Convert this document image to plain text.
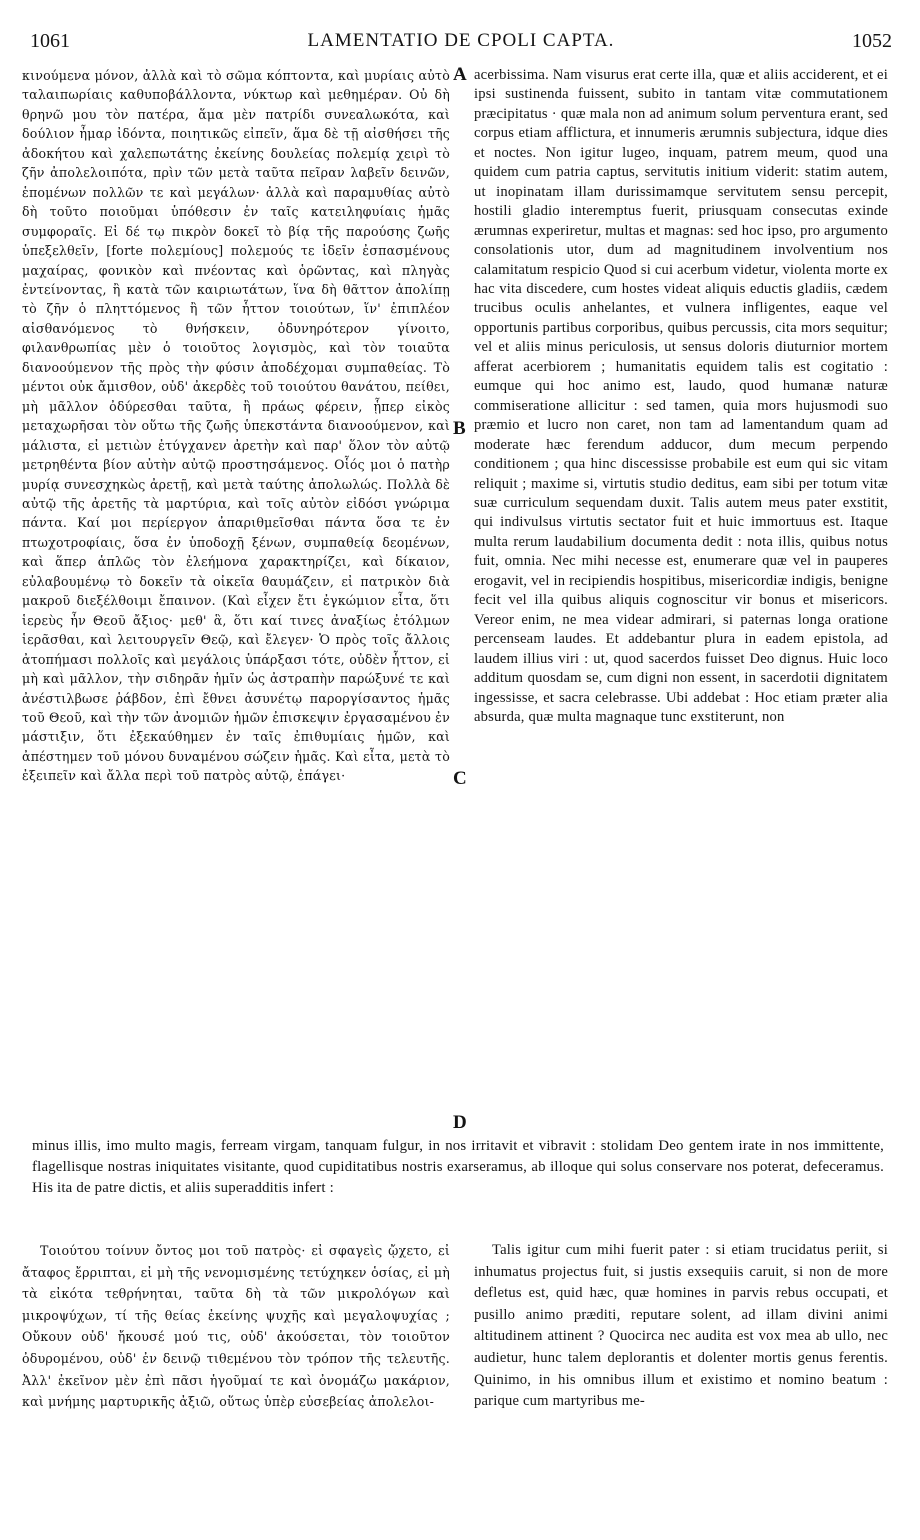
1061	LAMENTATIO DE CPOLI CAPTA.	1052

κινούμενα μόνον, ἀλλὰ καὶ τὸ σῶμα κόπτοντα, καὶ μυρίαις αὐτὸ ταλαιπωρίαις καθυποβάλλοντα, νύκτωρ καὶ μεθημέραν. Οὐ δὴ θρηνῶ μου τὸν πατέρα, ἅμα μὲν πατρίδι συνεαλωκότα, καὶ δούλιον ἦμαρ ἰδόντα, ποιητικῶς εἰπεῖν, ἅμα δὲ τῇ αἰσθήσει τῆς ἀδοκήτου καὶ χαλεπωτάτης ἐκείνης δουλείας πολεμίᾳ χειρὶ τὸ ζῆν ἀπολελοιπότα, πρὶν τῶν μετὰ ταῦτα πεῖραν λαβεῖν δεινῶν, ἑπομένων πολλῶν τε καὶ μεγάλων· ἀλλὰ καὶ παραμυθίας αὐτὸ δὴ τοῦτο ποιοῦμαι ὑπόθεσιν ἐν ταῖς κατειληφυίαις ἡμᾶς συμφοραῖς. Εἰ δέ τῳ πικρὸν δοκεῖ τὸ βίᾳ τῆς παρούσης ζωῆς ὑπεξελθεῖν, [forte πολεμίους] πολεμούς τε ἰδεῖν ἐσπασμένους μαχαίρας, φονικὸν καὶ πνέοντας καὶ ὁρῶντας, καὶ πληγὰς ἐντείνοντας, ἢ κατὰ τῶν καιριωτάτων, ἵνα δὴ θᾶττον ἀπολίπῃ τὸ ζῆν ὁ πληττόμενος ἢ τῶν ἧττον τοιούτων, ἵν' ἐπιπλέον αἰσθανόμενος τὸ θνήσκειν, ὀδυνηρότερον γίνοιτο, φιλανθρωπίας μὲν ὁ τοιοῦτος λογισμὸς, καὶ τὸν τοιαῦτα διανοούμενον τῆς πρὸς τὴν φύσιν ἀποδέχομαι συμπαθείας. Τὸ μέντοι οὐκ ἄμισθον, οὐδ' ἀκερδὲς τοῦ τοιούτου θανάτου, πείθει, μὴ μᾶλλον ὀδύρεσθαι ταῦτα, ἢ πράως φέρειν, ᾗπερ εἰκὸς μεταχωρῆσαι τὸν οὕτω τῆς ζωῆς ὑπεκστάντα διανοούμενον, καὶ μάλιστα, εἰ μετιὼν ἐτύγχανεν ἀρετὴν καὶ παρ' ὅλον τὸν αὐτῷ μετρηθέντα βίον αὐτὴν αὐτῷ προστησάμενος. Οἷός μοι ὁ πατὴρ μυρίᾳ συνεσχηκὼς ἀρετῇ, καὶ μετὰ ταύτης ἀπολωλώς. Πολλὰ δὲ αὐτῷ τῆς ἀρετῆς τὰ μαρτύρια, καὶ τοῖς αὐτὸν εἰδόσι γνώριμα πάντα. Καί μοι περίεργον ἀπαριθμεῖσθαι πάντα ὅσα τε ἐν πτωχοτροφίαις, ὅσα ἐν ὑποδοχῇ ξένων, συμπαθείᾳ δεομένων, καὶ ἅπερ ἁπλῶς τὸν ἐλεήμονα χαρακτηρίζει, καὶ δίκαιον, εὐλαβουμένῳ τὸ δοκεῖν τὰ οἰκεῖα θαυμάζειν, εἰ πατρικὸν διὰ μακροῦ διεξέλθοιμι ἔπαινον. (Καὶ εἶχεν ἔτι ἐγκώμιον εἶτα, ὅτι ἱερεὺς ἦν Θεοῦ ἄξιος· μεθ' ἃ, ὅτι καί τινες ἀναξίως ἐτόλμων ἱερᾶσθαι, καὶ λειτουργεῖν Θεῷ, καὶ ἔλεγεν· Ὁ πρὸς τοῖς ἄλλοις ἀτοπήμασι πολλοῖς καὶ μεγάλοις ὑπάρξασι τότε, οὐδὲν ἧττον, εἰ μὴ καὶ μᾶλλον, τὴν σιδηρᾶν ἡμῖν ὡς ἀστραπὴν παρώξυνέ τε καὶ ἀνέστιλβωσε ῥάβδον, ἐπὶ ἔθνει ἀσυνέτῳ παροργίσαντος ἡμᾶς τοῦ Θεοῦ, καὶ τὴν τῶν ἀνομιῶν ἡμῶν ἐπισκεψιν ἐργασαμένου ἐν μάστιξιν, ὅτι ἐξεκαύθημεν ἐν ταῖς ἐπιθυμίαις ἡμῶν, καὶ ἀπέστημεν τοῦ μόνου δυναμένου σώζειν ἡμᾶς. Καὶ εἶτα, μετὰ τὸ ἐξειπεῖν καὶ ἄλλα περὶ τοῦ πατρὸς αὐτῷ, ἐπάγει·

acerbissima. Nam visurus erat certe illa, quæ et aliis acciderent, et ei ipsi sustinenda fuissent, subito in tantam vitæ commutationem præcipitatus · quæ mala non ad animum solum perventura erant, sed corpus etiam afflictura, et innumeris ærumnis subjectura, idque dies et noctes. Non igitur lugeo, inquam, patrem meum, quod una quidem cum patria captus, servitutis initium viderit: statim autem, ut inopinatam illam durissimamque servitutem sensu percepit, hostili gladio interemptus fuerit, priusquam consecutas exinde ærumnas experiretur, multas et magnas: sed hoc ipso, pro argumento consolationis utor, dum ad magnitudinem involventium nos calamitatum respicio Quod si cui acerbum videtur, violenta morte ex hac vita discedere, cum hostes videat aliquis eductis gladiis, cædem trucibus oculis anhelantes, et vulnera infligentes, eaque vel opportunis partibus corporibus, quibus percussis, cita mors sequitur; vel et aliis minus periculosis, ut sensus doloris diuturnior mortem afferat acerbiorem ; humanitatis equidem talis est cogitatio : eumque qui hoc animo est, laudo, quod humanæ naturæ commiseratione allicitur : sed tamen, quia mors hujusmodi suo præmio et lucro non caret, non tam ad lamentandum quam ad moderate hæc ferendum adducor, dum mecum perpendo conditionem ; qua hinc discessisse probabile est eum qui sic vitam reliquit ; maxime si, virtutis studio deditus, eam sibi per totum vitæ suæ curriculum sequendam duxit. Talis autem meus pater exstitit, qui indivulsus virtutis sectator fuit et huic immortuus est. Itaque multa rerum laudabilium documenta dedit : nota illis, quibus notus fuit, omnia. Nec mihi necesse est, enumerare quæ vel in pauperes erogavit, vel in recipiendis hospitibus, misericordiæ indigis, benigne fecit vel illa quibus aliquis cognoscitur vir bonus et misericors. Vereor enim, ne mea videar admirari, si paternas longa oratione percenseam laudes. Et addebantur plura in eadem epistola, ad laudem illius viri : ut, quod sacerdos fuisset Deo dignus. Huic loco additum quosdam se, cum digni non essent, in sacerdotii dignitatem ingessisse, et sacra celebrasse. Ubi addebat : Hoc etiam præter alia absurda, quæ multa magnaque tunc exstiterunt, non

A
B
C
D

minus illis, imo multo magis, ferream virgam, tanquam fulgur, in nos irritavit et vibravit : stolidam Deo gentem irate in nos immittente, flagellisque nostras iniquitates visitante, quod cupiditatibus nostris exarseramus, ab illoque qui solus conservare nos poterat, defeceramus. His ita de patre dictis, et aliis superadditis infert :

Τοιούτου τοίνυν ὄντος μοι τοῦ πατρὸς· εἰ σφαγεὶς ᾤχετο, εἰ ἄταφος ἔρριπται, εἰ μὴ τῆς νενομισμένης τετύχηκεν ὁσίας, εἰ μὴ τὰ εἰκότα τεθρήνηται, ταῦτα δὴ τὰ τῶν μικρολόγων καὶ μικροψύχων, τί τῆς θείας ἐκείνης ψυχῆς καὶ μεγαλοψυχίας ; Οὔκουν οὐδ' ἤκουσέ μού τις, οὐδ' ἀκούσεται, τὸν τοιοῦτον ὀδυρομένου, οὐδ' ἐν δεινῷ τιθεμένου τὸν τρόπον τῆς τελευτῆς. Ἀλλ' ἐκεῖνον μὲν ἐπὶ πᾶσι ἡγοῦμαί τε καὶ ὀνομάζω μακάριον, καὶ μνήμης μαρτυρικῆς ἀξιῶ, οὕτως ὑπὲρ εὐσεβείας ἀπολελοι-

Talis igitur cum mihi fuerit pater : si etiam trucidatus periit, si inhumatus projectus fuit, si justis exsequiis caruit, si non de more defletus est, quid hæc, quæ homines in parvis rebus occupati, et pusillo animo præditi, reputare solent, ad illam divini animi altitudinem attinent ? Quocirca nec audita est vox mea ab ullo, nec audietur, hunc talem deplorantis et dolenter mortis genus ferentis. Quinimo, in his omnibus illum et existimo et nomino beatum : parique cum martyribus me-
